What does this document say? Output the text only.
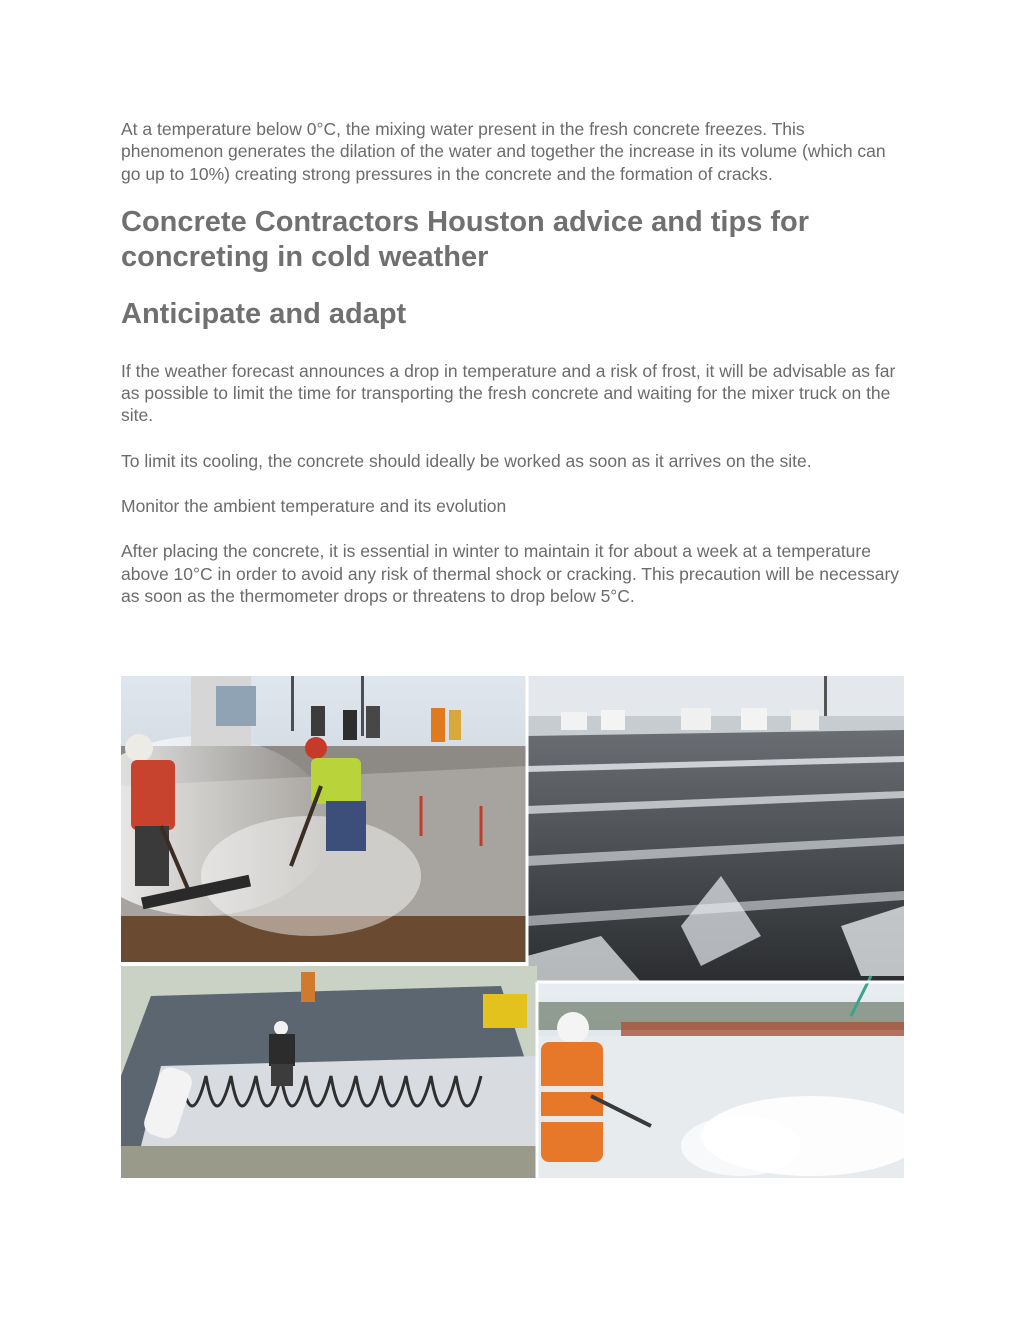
At a temperature below 0°C, the mixing water present in the fresh concrete freezes. This phenomenon generates the dilation of the water and together the increase in its volume (which can go up to 10%) creating strong pressures in the concrete and the formation of cracks.

Concrete Contractors Houston advice and tips for concreting in cold weather
Anticipate and adapt

If the weather forecast announces a drop in temperature and a risk of frost, it will be advisable as far as possible to limit the time for transporting the fresh concrete and waiting for the mixer truck on the site.

To limit its cooling, the concrete should ideally be worked as soon as it arrives on the site.

Monitor the ambient temperature and its evolution

After placing the concrete, it is essential in winter to maintain it for about a week at a temperature above 10°C in order to avoid any risk of thermal shock or cracking. This precaution will be necessary as soon as the thermometer drops or threatens to drop below 5°C.
